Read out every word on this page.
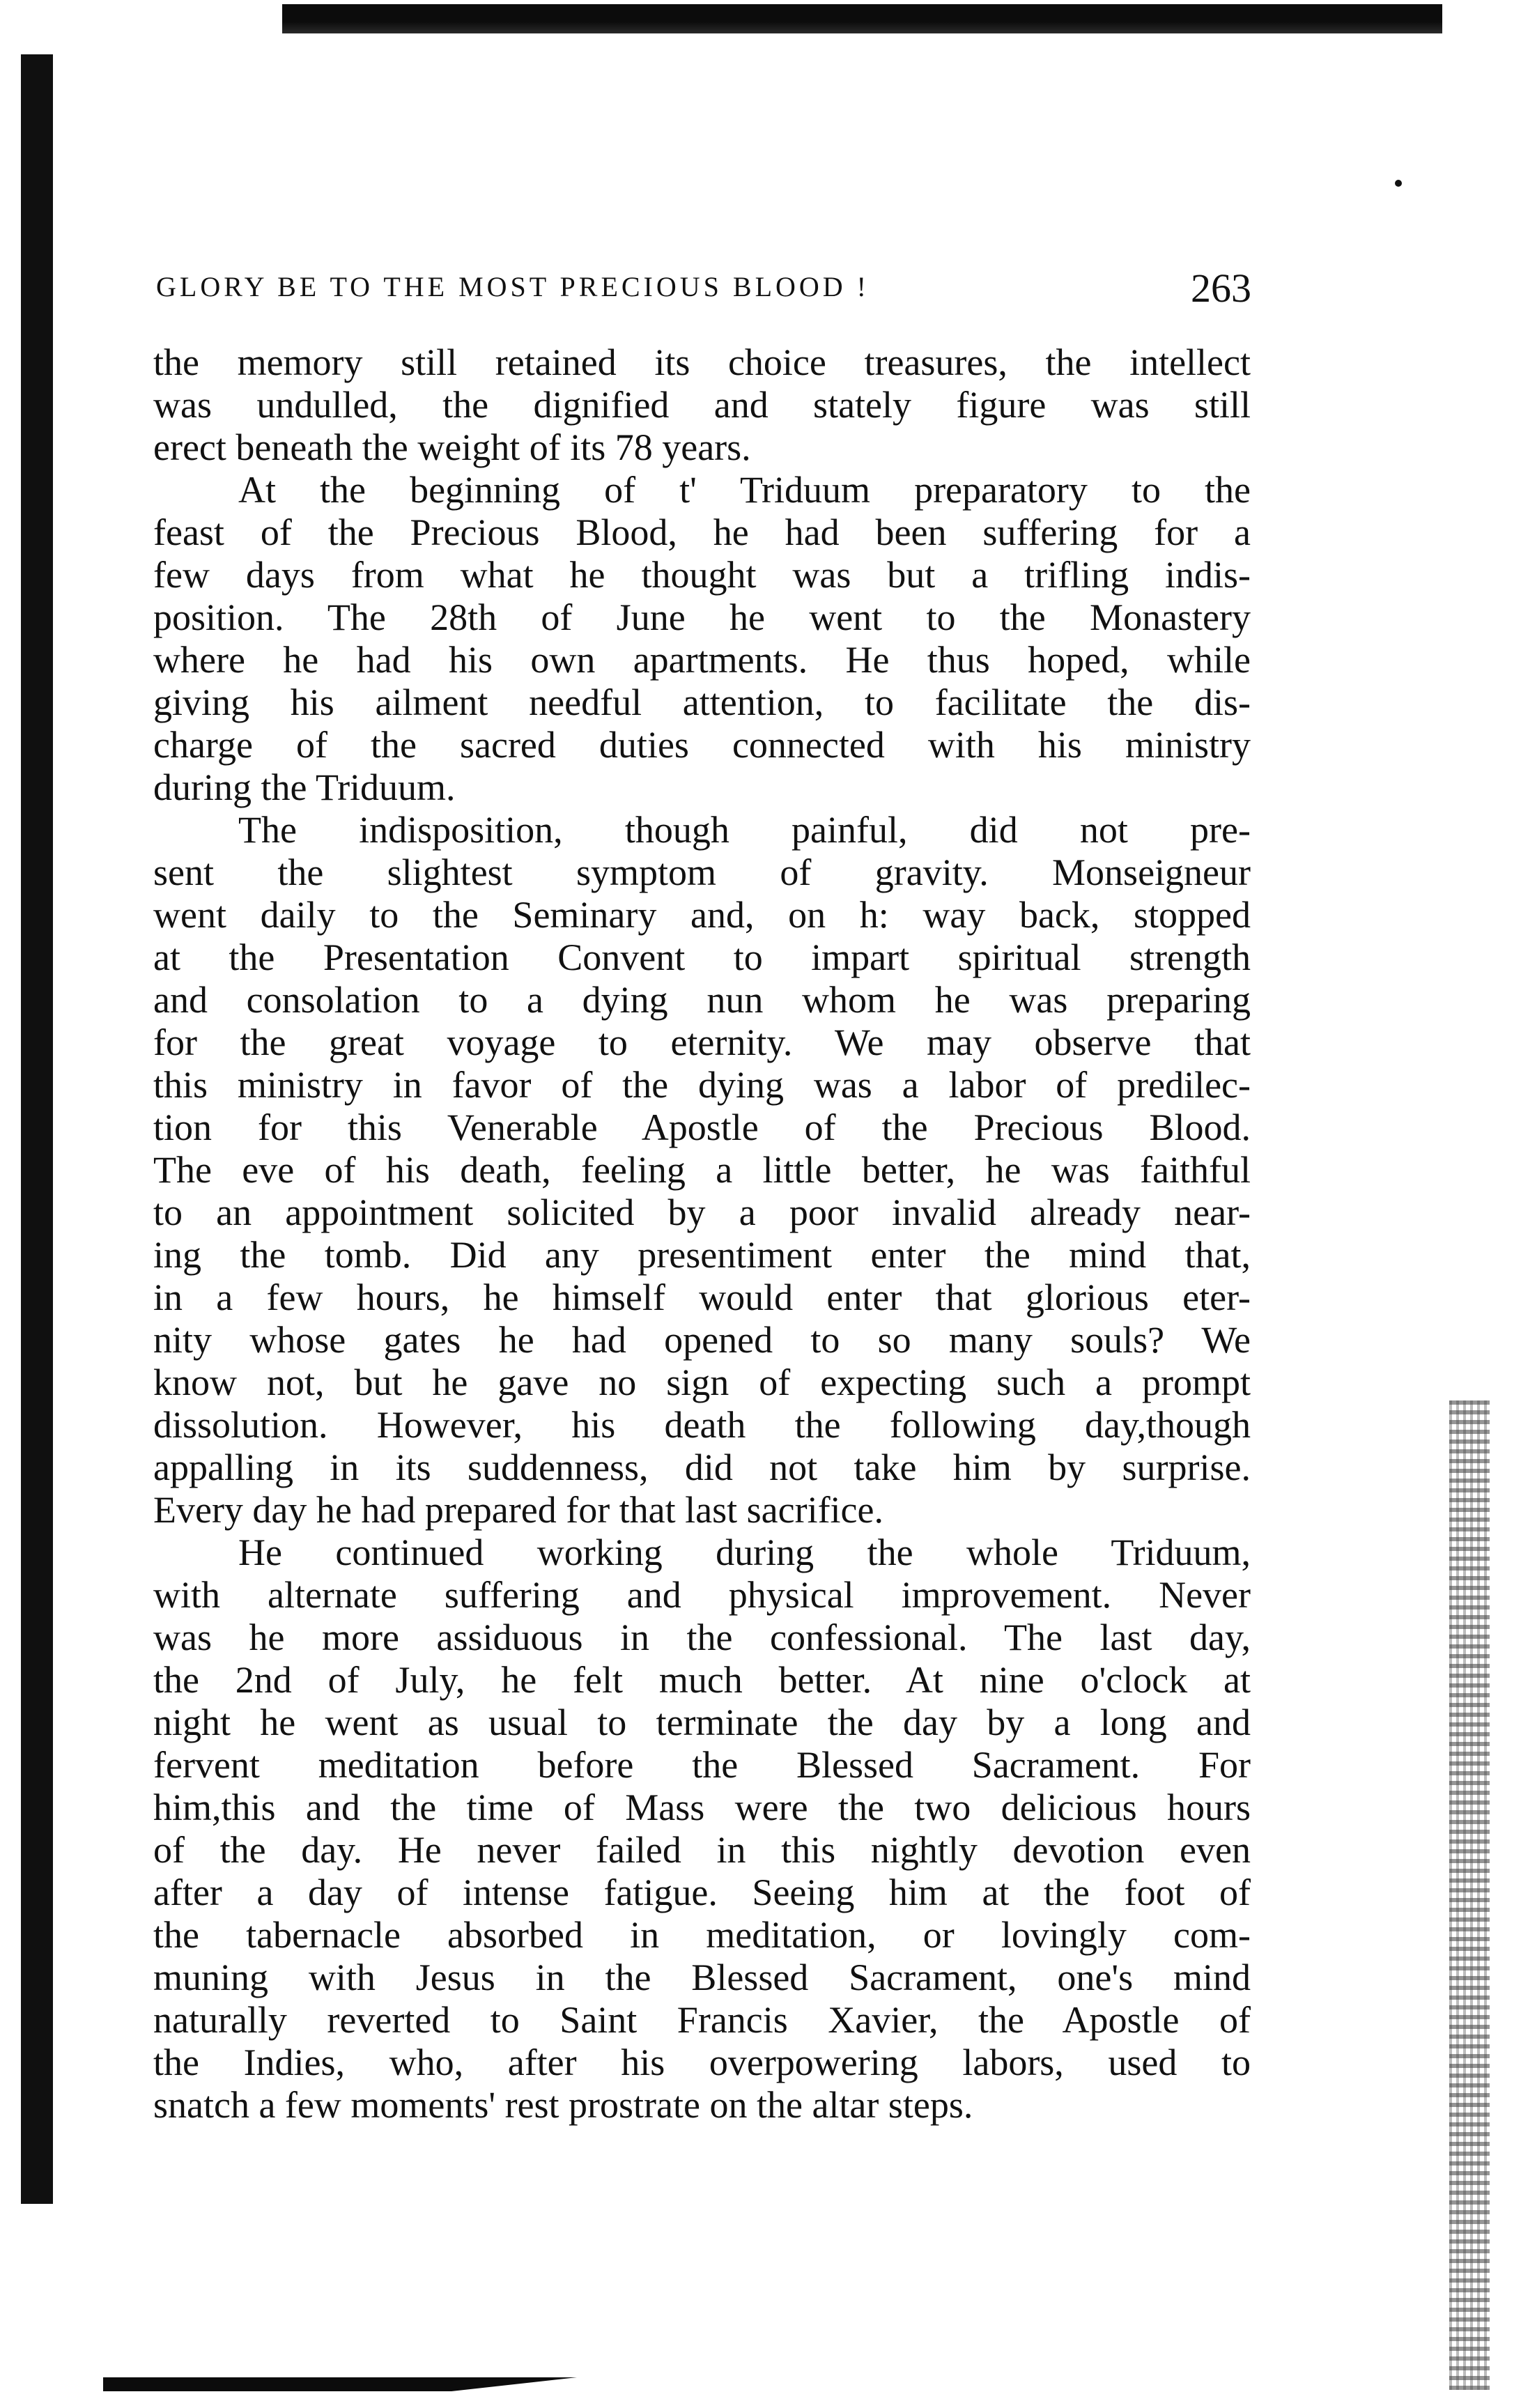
GLORY BE TO THE MOST PRECIOUS BLOOD !	263
the memory still retained its choice treasures, the intellect
was undulled, the dignified and stately figure was still
erect beneath the weight of its 78 years.
At the beginning of t' Triduum preparatory to the
feast of the Precious Blood, he had been suffering for a
few days from what he thought was but a trifling indis-
position. The 28th of June he went to the Monastery
where he had his own apartments. He thus hoped, while
giving his ailment needful attention, to facilitate the dis-
charge of the sacred duties connected with his ministry
during the Triduum.
The indisposition, though painful, did not pre-
sent the slightest symptom of gravity. Monseigneur
went daily to the Seminary and, on h: way back, stopped
at the Presentation Convent to impart spiritual strength
and consolation to a dying nun whom he was preparing
for the great voyage to eternity. We may observe that
this ministry in favor of the dying was a labor of predilec-
tion for this Venerable Apostle of the Precious Blood.
The eve of his death, feeling a little better, he was faithful
to an appointment solicited by a poor invalid already near-
ing the tomb. Did any presentiment enter the mind that,
in a few hours, he himself would enter that glorious eter-
nity whose gates he had opened to so many souls? We
know not, but he gave no sign of expecting such a prompt
dissolution. However, his death the following day,though
appalling in its suddenness, did not take him by surprise.
Every day he had prepared for that last sacrifice.
He continued working during the whole Triduum,
with alternate suffering and physical improvement. Never
was he more assiduous in the confessional. The last day,
the 2nd of July, he felt much better. At nine o'clock at
night he went as usual to terminate the day by a long and
fervent meditation before the Blessed Sacrament. For
him,this and the time of Mass were the two delicious hours
of the day. He never failed in this nightly devotion even
after a day of intense fatigue. Seeing him at the foot of
the tabernacle absorbed in meditation, or lovingly com-
muning with Jesus in the Blessed Sacrament, one's mind
naturally reverted to Saint Francis Xavier, the Apostle of
the Indies, who, after his overpowering labors, used to
snatch a few moments' rest prostrate on the altar steps.
